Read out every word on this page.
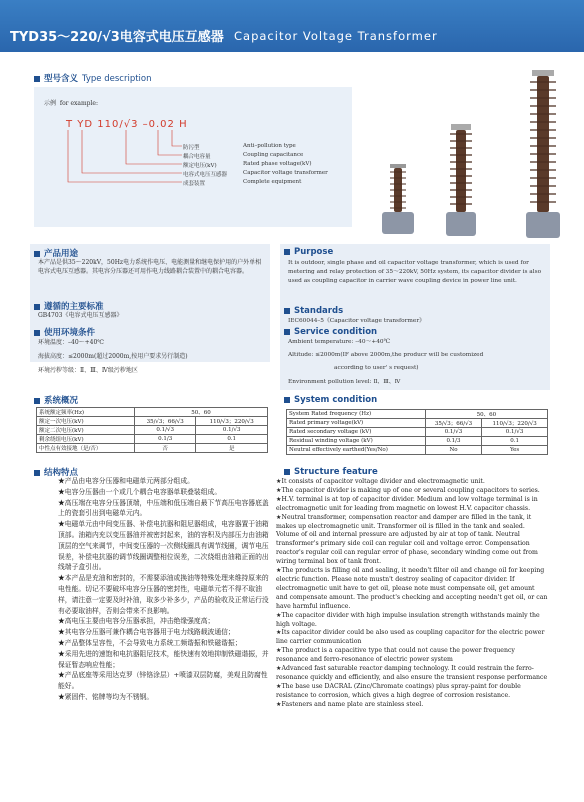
TYD35～220/√3电容式电压互感器 Capacitor Voltage Transformer
型号含义 Type description
示例 for example:
T YD 110/√3 –0.02 H
防污型	Anti–pollution type
耦合电容量	Coupling capacitance
额定电压(kV)	Rated phase voltage(kV)
电容式电压互感器	Capacitor voltage transformer
成套装置	Complete equipment
产品用途
本产品是供35～220kV，50Hz电力系统作电压、电能测量和继电保护用的户外单相电容式电压互感器。其电容分压器还可用作电力线路耦合装置中的耦合电容器。
遵循的主要标准
GB4703《电容式电压互感器》
使用环境条件
环境温度：–40～+40℃
海拔高度：≤2000m(超过2000m,按用户要求另行制造)
环境污秽等级：Ⅱ、Ⅲ、Ⅳ级污秽地区
系统概况
系统额定频率(Hz)	50、60	
额定一次电压(kV)	35/√3；66/√3	110/√3；220/√3
额定二次电压(kV)	0.1/√3	0.1/√3
剩余绕组电压(kV)	0.1/3	0.1
中性点有效接地（是/否）	否	是
结构特点
★产品由电容分压器和电磁单元两部分组成。
★电容分压器由一个或几个耦合电容器单联叠装组成。
★高压端在电容分压器顶端，中压端和低压端自最下节高压电容器底盖上的瓷套引出到电磁单元内。
★电磁单元由中间变压器、补偿电抗器和阻尼器组成，电容器置于油箱顶部。油箱内充以变压器油并被密封起来，油的容积及内部压力由油箱顶层的空气来调节，中间变压器的一次侧线圈具有调节线圈，调节电压误差，补偿电抗器的调节线圈调整相位误差，二次绕组由油箱正面的出线端子盒引出。
★本产品是充油和密封的，不需要添油或换油等特殊处理来维持原来的电性能。切记不要破坏电容分压器的密封性，电磁单元若不得不取油样，请注意一定要及时补油，取多少补多少，产品的验收及正常运行没有必要取油样，否则会带来不良影响。
★高电压主要由电容分压器承担，冲击绝缘强度高；
★其电容分压器可兼作耦合电容器用于电力线路载波通信；
★产品整体呈容性，不会导致电力系统工频谐振和铁磁谐振；
★采用先进的速饱和电抗器阻尼技术，能快速有效地抑制铁磁谐振，并保证暂态响应性能；
★产品底座等采用达克罗（锌铬涂层）+喷漆双层防腐，美观且防腐性能好。
★紧固件、铭牌等均为不锈钢。
Purpose
It is outdoor, single phase and oil capacitor voltage transformer, which is used for metering and relay protection of 35～220kV, 50Hz system, its capacitor divider is also used as coupling capacitor in carrier wave coupling device in power line unit.
Standards
IEC60044–5《Capacitor voltage transformer》
Service condition
Ambient temperature: –40～+40℃
Altitude: ≤2000m(IF above 2000m,the producr will be customized
according to user' s request)
Environment pollution level: Ⅱ、Ⅲ、Ⅳ
System condition
System Rated frequency (Hz)	50、60	
Rated primary voltage(kV)	35/√3；66/√3	110/√3；220/√3
Rated secondary voltage (kV)	0.1/√3	0.1/√3
Residual winding voltage (kV)	0.1/3	0.1
Neutral effectively earthed(Yes/No)	No	Yes
Structure feature
★It consists of capacitor voltage divider and electromagnetic unit.
★The capacitor divider is making up of one or several coupling capacitors to series.
★H.V. terminal is at top of capacitor divider. Medium and low voltage terminal is in electromagnetic unit for leading from magnetic on lowest H.V. capacitor chassis.
★Neutral transformer, compensation reactor and damper are filled in the tank, it makes up electromagnetic unit. Transformer oil is filled in the tank and sealed. Volume of oil and internal pressure are adjusted by air at top of tank. Neutral transformer's primary side coil can regular coil and voltage error. Compensation reactor's regular coil can regular error of phase, secondary winding come out from wiring terminal box of tank front.
★The products is filling oil and sealing, it needn't filter oil and change oil for keeping electric function. Please note mustn't destroy sealing of capacitor divider. If electromagnetic unit have to get oil, please note must compensate oil, get amount and compensate amount. The product's checking and accepting needn't get oil, or can have harmful influence.
★The capacitor divider with high impulse insulation strength withstands mainly the high voltage.
★Its capacitor divider could be also used as coupling capacitor for the electric power line carrier communication
★The product is a capacitive type that could not cause the power frequency resonance and ferro-resonance of electric power system
★Advanced fast saturable reactor damping technology. It could restrain the ferro-resonance quickly and efficiently, and also ensure the transient response performance
★The base use DACRAL (Zinc/Chromate coatings) plus spray-paint for double resistance to corrosion, which gives a high degree of corrosion resistance.
★Fasteners and name plate are stainless steel.
